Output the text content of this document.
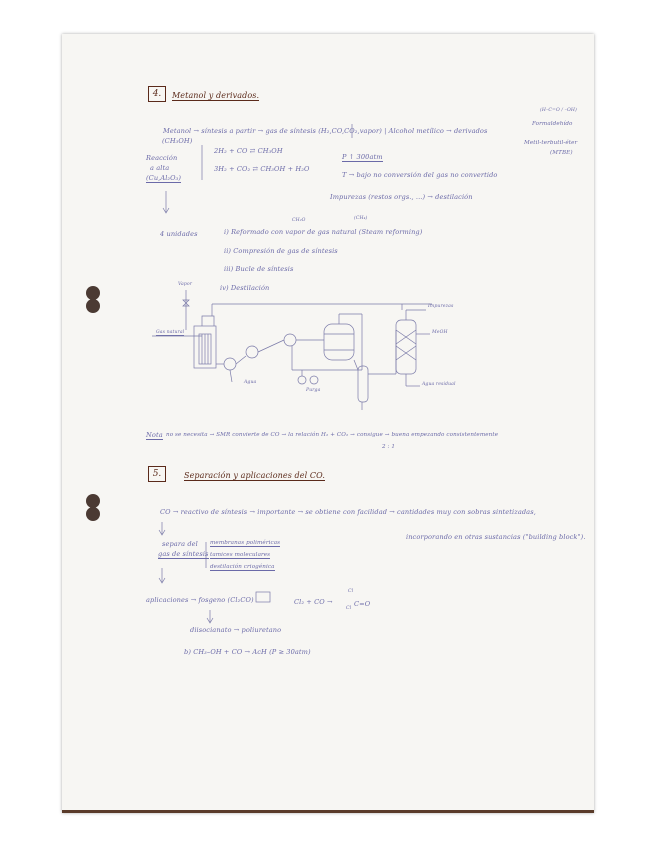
4.	Metanol y derivados.
Metanol → síntesis a partir → gas de síntesis (H₂,CO,CO₂,vapor) | Alcohol metílico → derivados
(CH₃OH)
(H–C=O / –OH)
Formaldehído
Metil-terbutil-éter
(MTBE)
Reacción
a alta
(Cu,Al₂O₃)
2H₂ + CO ⇄ CH₃OH
3H₂ + CO₂ ⇄ CH₃OH + H₂O
P ↑ 300atm
T → bajo no conversión del gas no convertido
Impurezas (restos orgs., ...) → destilación
4 unidades
CH₂O	(CH₄)
i) Reformado con vapor de gas natural (Steam reforming)
ii) Compresión de gas de síntesis
iii) Bucle de síntesis
iv) Destilación
Vapor
Gas natural
Agua
Impurezas
MeOH
Purga
Agua residual
Nota no se necesita → SMR convierte de CO → la relación H₂ + CO₂ → consigue → buena empezando consistentemente
2 : 1
5.	Separación y aplicaciones del CO.
CO → reactivo de síntesis → importante → se obtiene con facilidad → cantidades muy con sobras sintetizadas,
incorporando en otras sustancias ("building block").
separa del
gas de síntesis
membranas poliméricas
tamices moleculares
destilación criogénica
aplicaciones → fosgeno (Cl₂CO)	Cl₂ + CO →
Cl
C=O
Cl
diisocianato → poliuretano
b) CH₃–OH + CO → AcH (P ≥ 30atm)
